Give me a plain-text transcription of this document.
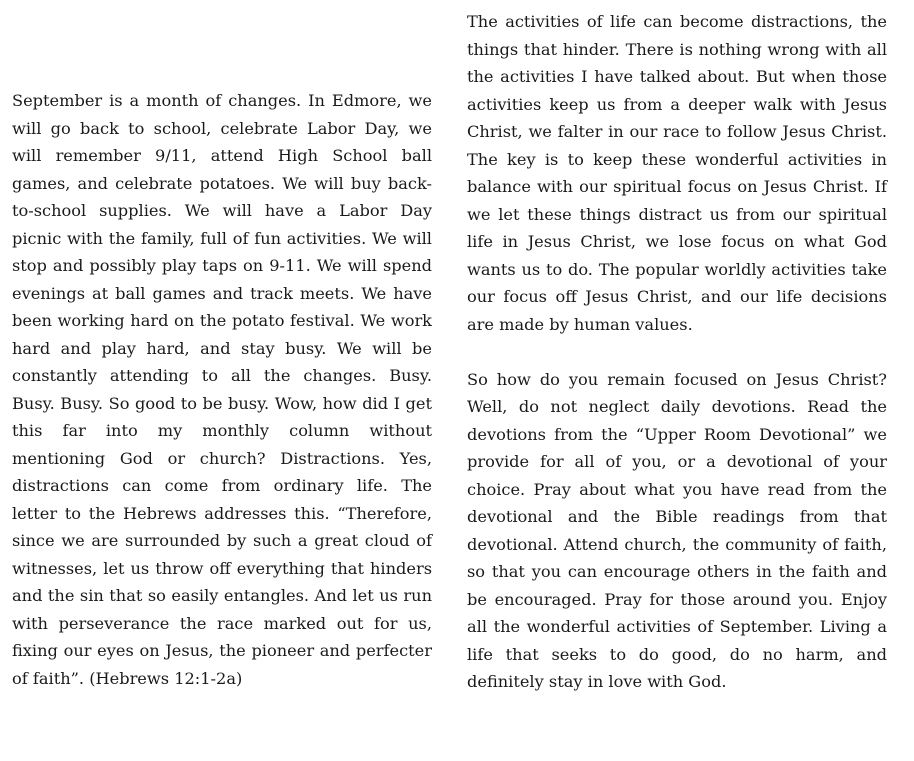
September is a month of changes. In Edmore, we will go back to school, celebrate Labor Day, we will remember 9/11, attend High School ball games, and celebrate potatoes. We will buy back-to-school supplies. We will have a Labor Day picnic with the family, full of fun activities. We will stop and possibly play taps on 9-11. We will spend evenings at ball games and track meets. We have been working hard on the potato festival. We work hard and play hard, and stay busy. We will be constantly attending to all the changes. Busy. Busy. Busy. So good to be busy. Wow, how did I get this far into my monthly column without mentioning God or church? Distractions. Yes, distractions can come from ordinary life. The letter to the Hebrews addresses this. “Therefore, since we are surrounded by such a great cloud of witnesses, let us throw off everything that hinders and the sin that so easily entangles. And let us run with perseverance the race marked out for us, fixing our eyes on Jesus, the pioneer and perfecter of faith”. (Hebrews 12:1-2a)

The activities of life can become distractions, the things that hinder. There is nothing wrong with all the activities I have talked about. But when those activities keep us from a deeper walk with Jesus Christ, we falter in our race to follow Jesus Christ. The key is to keep these wonderful activities in balance with our spiritual focus on Jesus Christ. If we let these things distract us from our spiritual life in Jesus Christ, we lose focus on what God wants us to do. The popular worldly activities take our focus off Jesus Christ, and our life decisions are made by human values.

So how do you remain focused on Jesus Christ? Well, do not neglect daily devotions. Read the devotions from the “Upper Room Devotional” we provide for all of you, or a devotional of your choice. Pray about what you have read from the devotional and the Bible readings from that devotional. Attend church, the community of faith, so that you can encourage others in the faith and be encouraged. Pray for those around you. Enjoy all the wonderful activities of September. Living a life that seeks to do good, do no harm, and definitely stay in love with God.
